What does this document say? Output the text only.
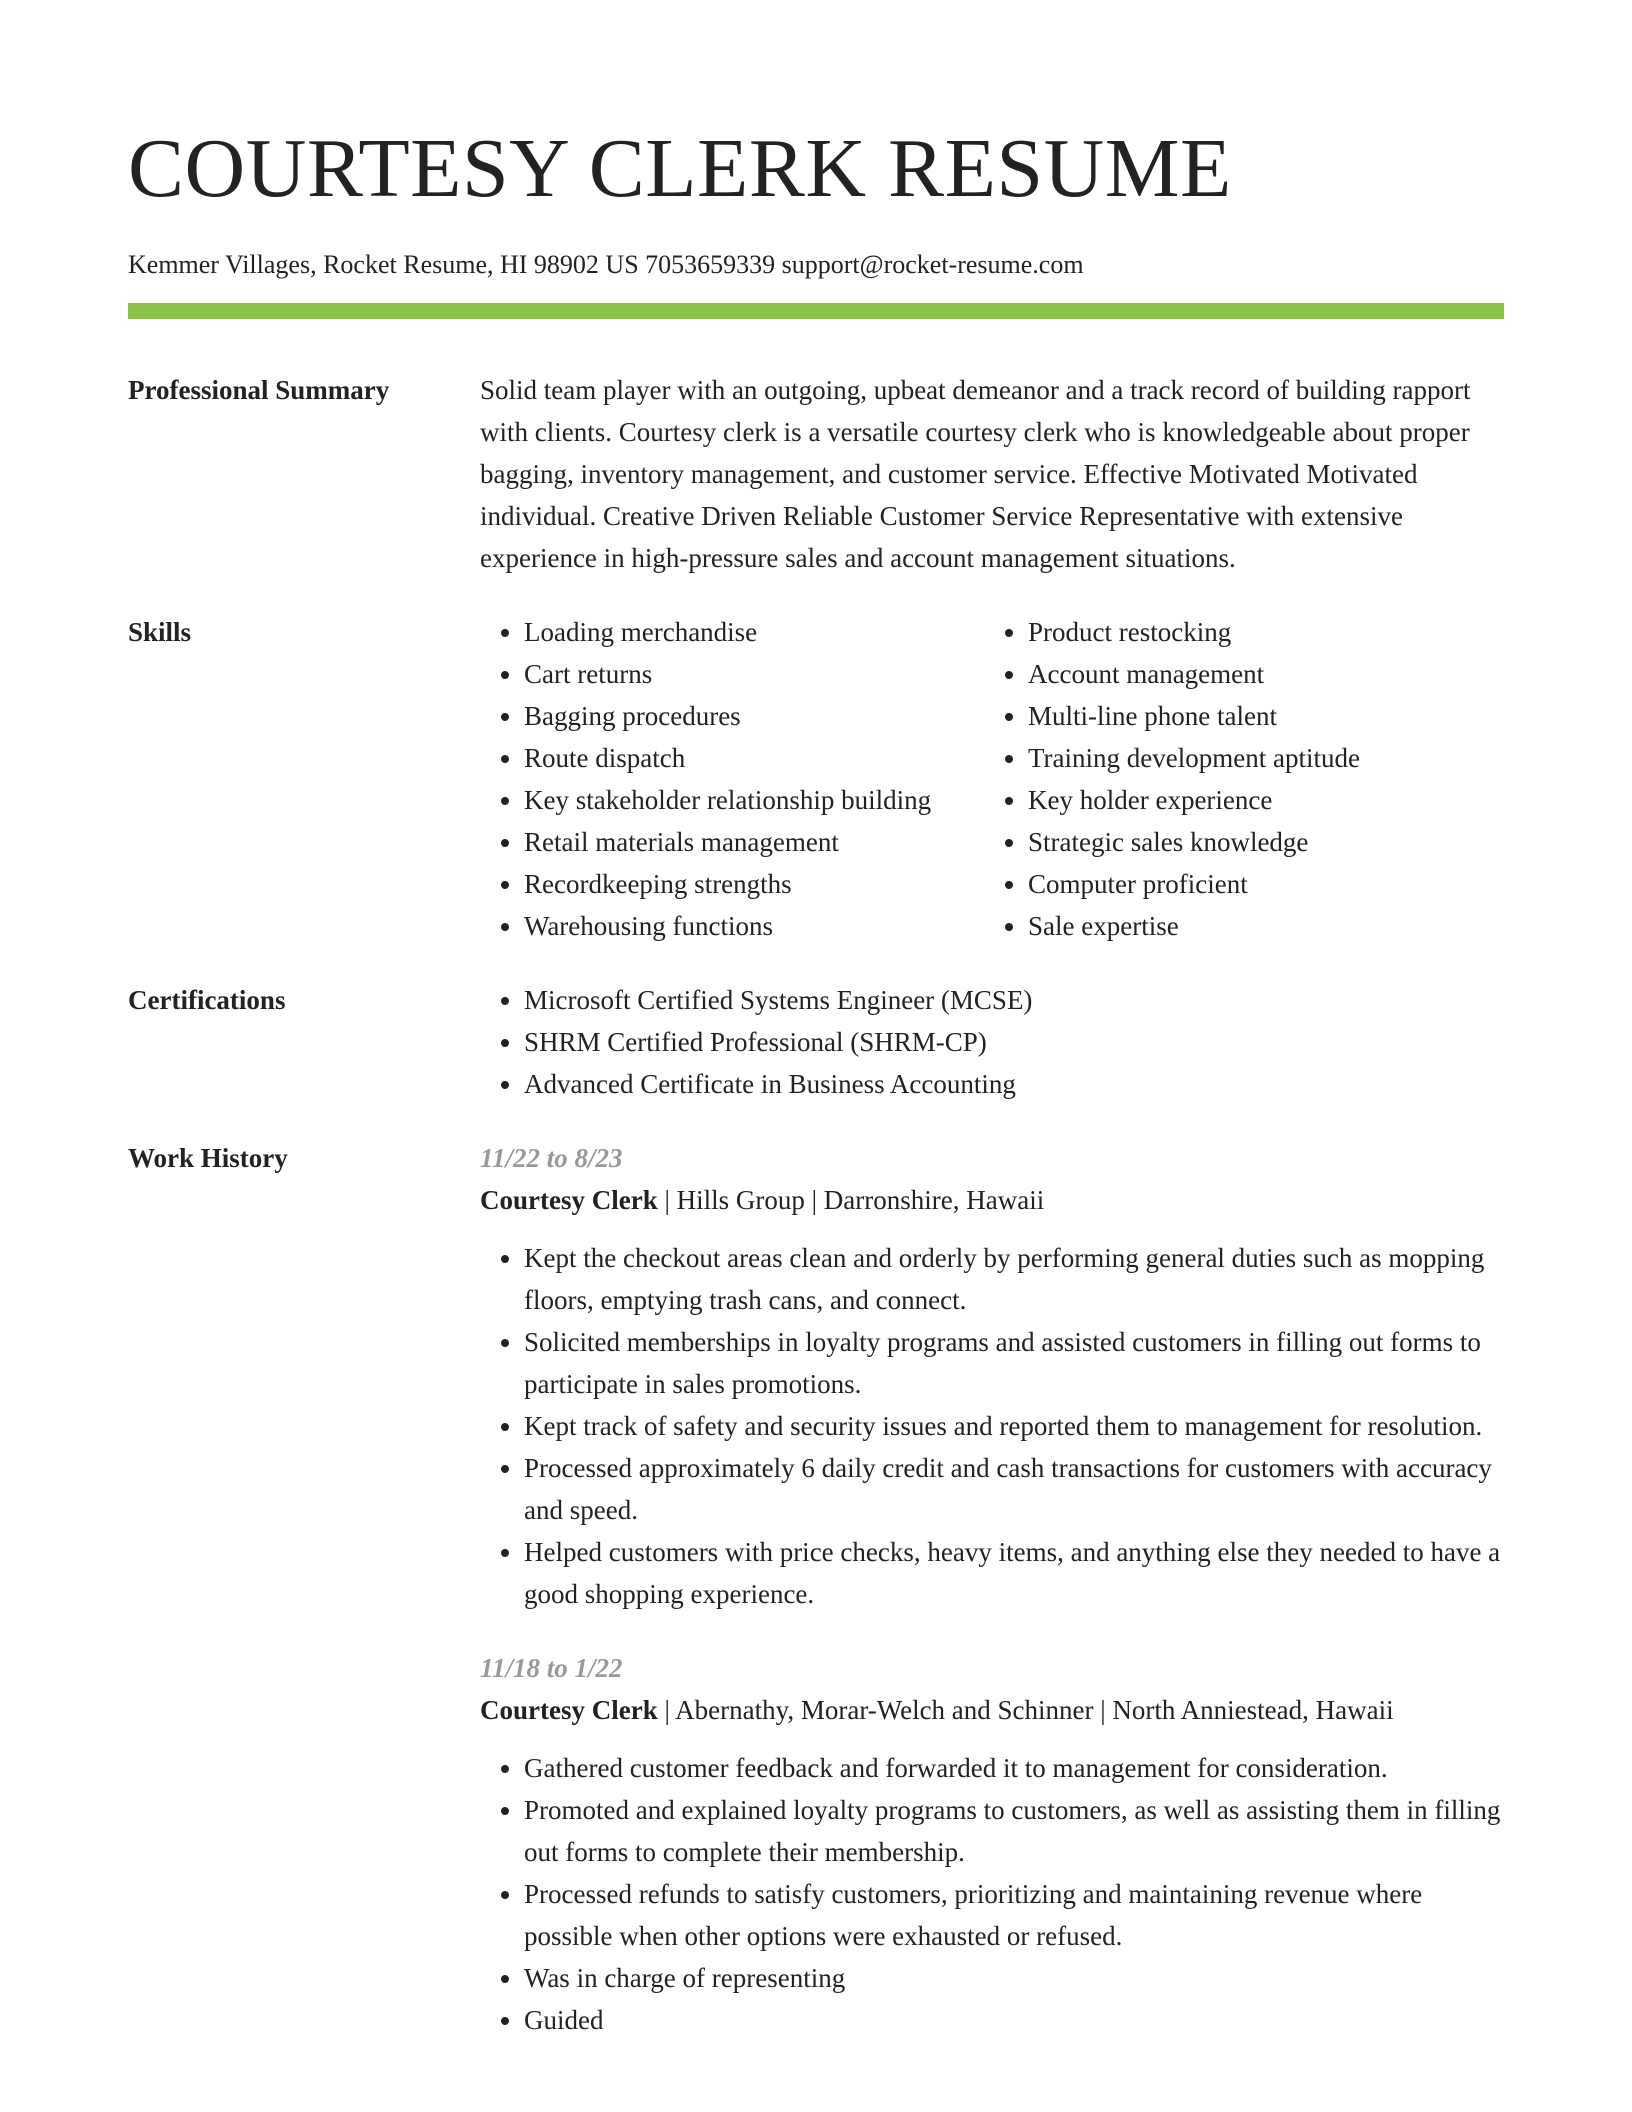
COURTESY CLERK RESUME
Kemmer Villages, Rocket Resume, HI 98902 US 7053659339 support@rocket-resume.com
Professional Summary	Solid team player with an outgoing, upbeat demeanor and a track record of building rapport with clients. Courtesy clerk is a versatile courtesy clerk who is knowledgeable about proper bagging, inventory management, and customer service. Effective Motivated Motivated individual. Creative Driven Reliable Customer Service Representative with extensive experience in high-pressure sales and account management situations.
Skills	• Loading merchandise
• Cart returns
• Bagging procedures
• Route dispatch
• Key stakeholder relationship building
• Retail materials management
• Recordkeeping strengths
• Warehousing functions
• Product restocking
• Account management
• Multi-line phone talent
• Training development aptitude
• Key holder experience
• Strategic sales knowledge
• Computer proficient
• Sale expertise
Certifications	• Microsoft Certified Systems Engineer (MCSE)
• SHRM Certified Professional (SHRM-CP)
• Advanced Certificate in Business Accounting
Work History	11/22 to 8/23
Courtesy Clerk | Hills Group | Darronshire, Hawaii
• Kept the checkout areas clean and orderly by performing general duties such as mopping floors, emptying trash cans, and connect.
• Solicited memberships in loyalty programs and assisted customers in filling out forms to participate in sales promotions.
• Kept track of safety and security issues and reported them to management for resolution.
• Processed approximately 6 daily credit and cash transactions for customers with accuracy and speed.
• Helped customers with price checks, heavy items, and anything else they needed to have a good shopping experience.
11/18 to 1/22
Courtesy Clerk | Abernathy, Morar-Welch and Schinner | North Anniestead, Hawaii
• Gathered customer feedback and forwarded it to management for consideration.
• Promoted and explained loyalty programs to customers, as well as assisting them in filling out forms to complete their membership.
• Processed refunds to satisfy customers, prioritizing and maintaining revenue where possible when other options were exhausted or refused.
• Was in charge of representing
• Guided
